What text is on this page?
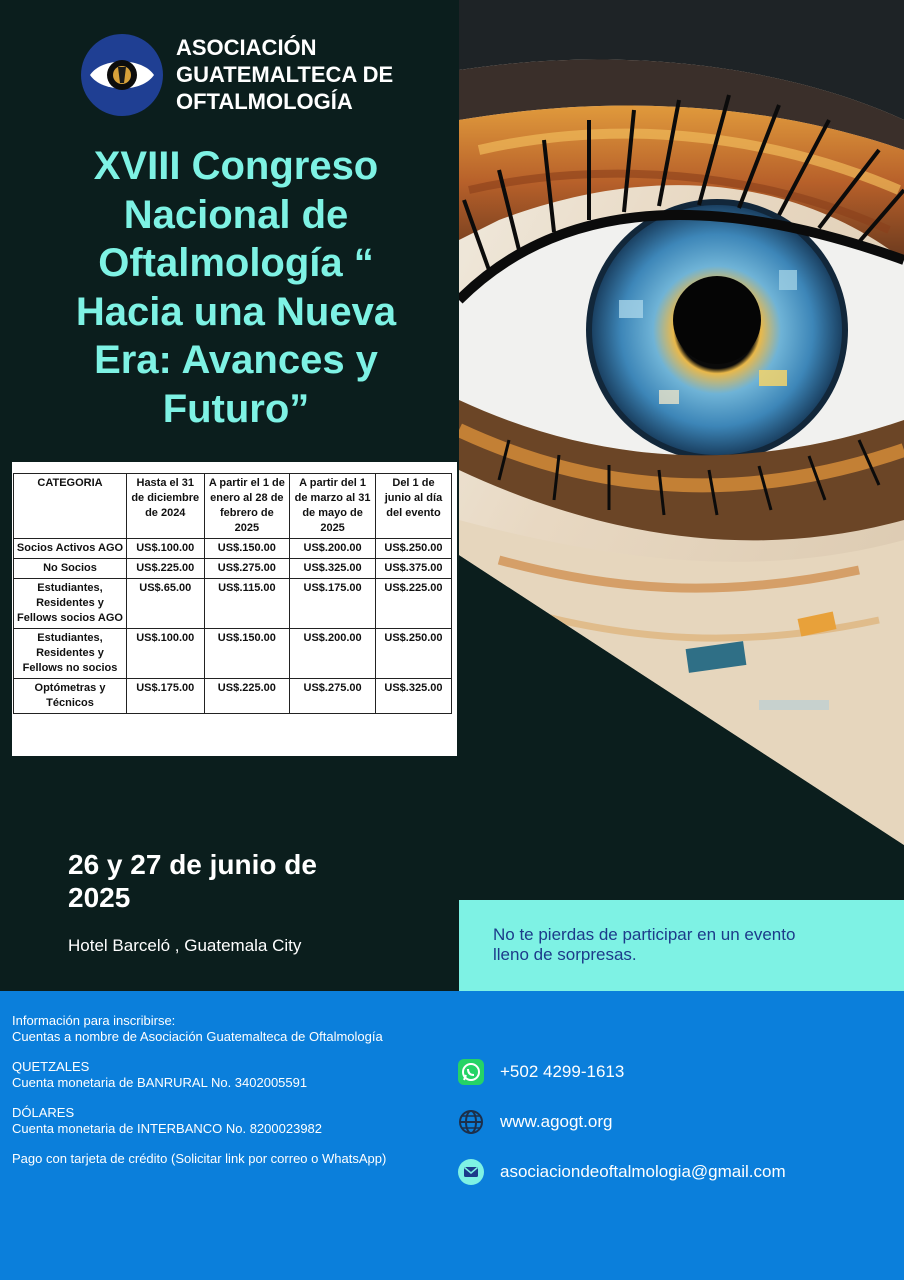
ASOCIACIÓN
GUATEMALTECA DE
OFTALMOLOGÍA
XVIII Congreso
Nacional de
Oftalmología “
Hacia una Nueva
Era: Avances y
Futuro”
CATEGORIA	Hasta el 31 de diciembre de 2024	A partir el 1 de enero al 28 de febrero de 2025	A partir del 1 de marzo al 31 de mayo de 2025	Del 1 de junio al día del evento
Socios Activos AGO	US$.100.00	US$.150.00	US$.200.00	US$.250.00
No Socios	US$.225.00	US$.275.00	US$.325.00	US$.375.00
Estudiantes, Residentes y Fellows socios AGO	US$.65.00	US$.115.00	US$.175.00	US$.225.00
Estudiantes, Residentes y Fellows no socios	US$.100.00	US$.150.00	US$.200.00	US$.250.00
Optómetras y Técnicos	US$.175.00	US$.225.00	US$.275.00	US$.325.00
26 y 27 de junio de
2025
Hotel Barceló , Guatemala City
No te pierdas de participar en un evento
lleno de sorpresas.
Información para inscribirse:
Cuentas a nombre de Asociación Guatemalteca de Oftalmología
QUETZALES
Cuenta monetaria de BANRURAL No. 3402005591
DÓLARES
Cuenta monetaria de INTERBANCO No. 8200023982
Pago con tarjeta de crédito (Solicitar link por correo o WhatsApp)
+502 4299-1613
www.agogt.org
asociaciondeoftalmologia@gmail.com
